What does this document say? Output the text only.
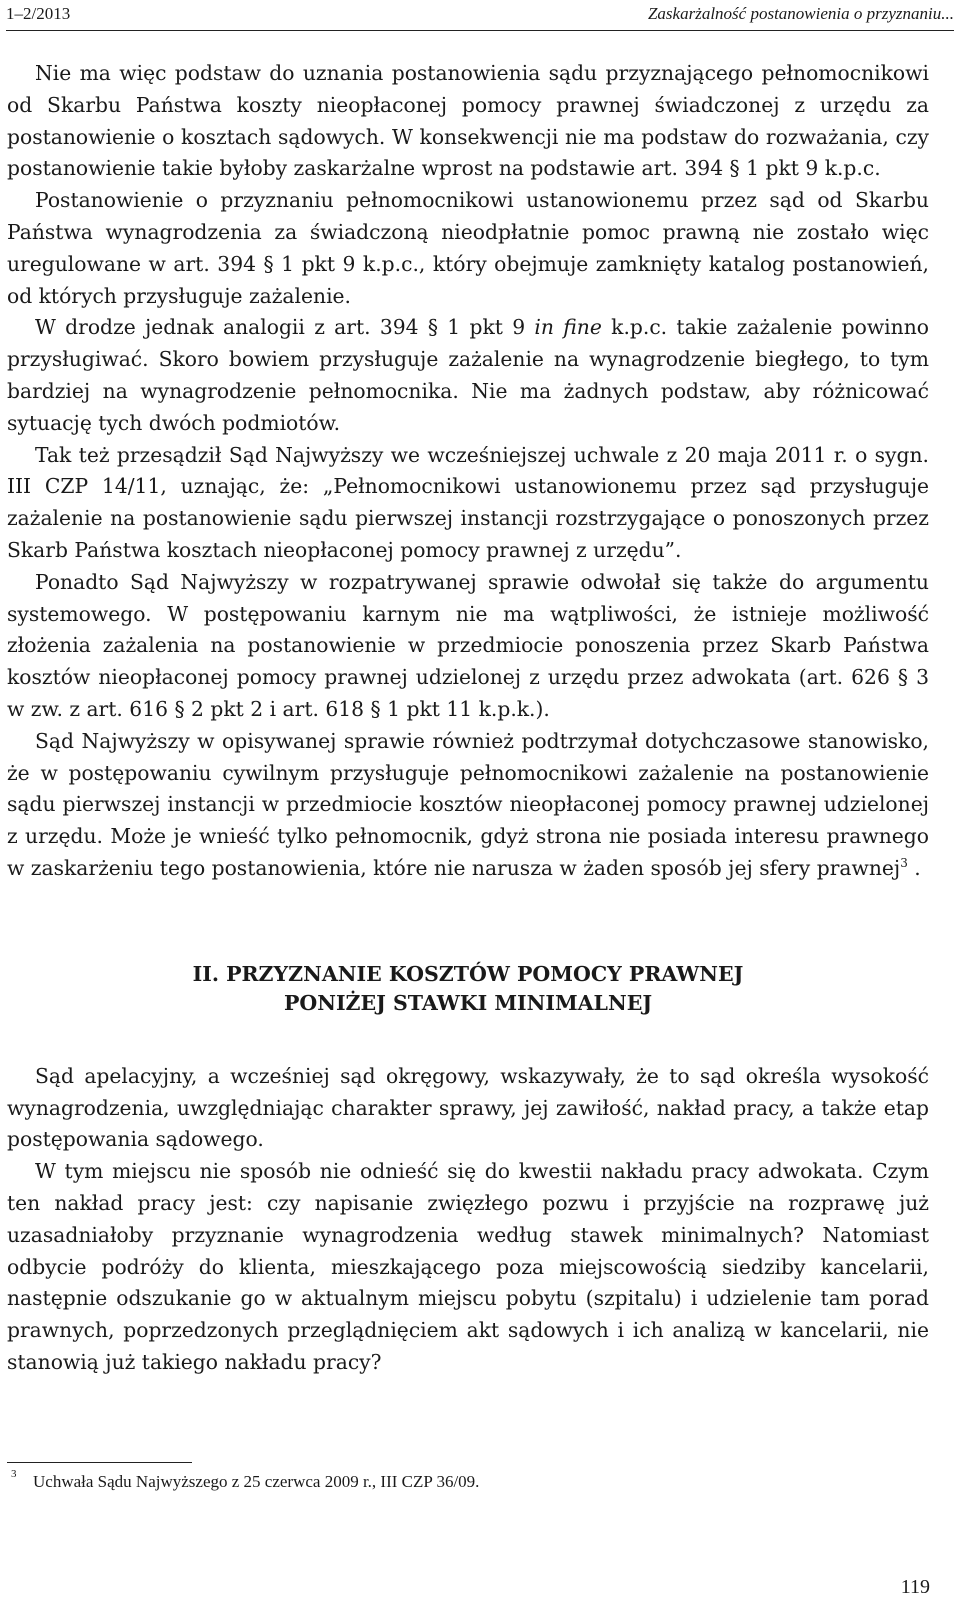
1–2/2013	Zaskarżalność postanowienia o przyznaniu...

Nie ma więc podstaw do uznania postanowienia sądu przyznającego pełnomocnikowi od Skarbu Państwa koszty nieopłaconej pomocy prawnej świadczonej z urzędu za postanowienie o kosztach sądowych. W konsekwencji nie ma podstaw do rozważania, czy postanowienie takie byłoby zaskarżalne wprost na podstawie art. 394 § 1 pkt 9 k.p.c.

Postanowienie o przyznaniu pełnomocnikowi ustanowionemu przez sąd od Skarbu Państwa wynagrodzenia za świadczoną nieodpłatnie pomoc prawną nie zostało więc uregulowane w art. 394 § 1 pkt 9 k.p.c., który obejmuje zamknięty katalog postanowień, od których przysługuje zażalenie.

W drodze jednak analogii z art. 394 § 1 pkt 9 in fine k.p.c. takie zażalenie powinno przysługiwać. Skoro bowiem przysługuje zażalenie na wynagrodzenie biegłego, to tym bardziej na wynagrodzenie pełnomocnika. Nie ma żadnych podstaw, aby różnicować sytuację tych dwóch podmiotów.

Tak też przesądził Sąd Najwyższy we wcześniejszej uchwale z 20 maja 2011 r. o sygn. III CZP 14/11, uznając, że: „Pełnomocnikowi ustanowionemu przez sąd przysługuje zażalenie na postanowienie sądu pierwszej instancji rozstrzygające o ponoszonych przez Skarb Państwa kosztach nieopłaconej pomocy prawnej z urzędu”.

Ponadto Sąd Najwyższy w rozpatrywanej sprawie odwołał się także do argumentu systemowego. W postępowaniu karnym nie ma wątpliwości, że istnieje możliwość złożenia zażalenia na postanowienie w przedmiocie ponoszenia przez Skarb Państwa kosztów nieopłaconej pomocy prawnej udzielonej z urzędu przez adwokata (art. 626 § 3 w zw. z art. 616 § 2 pkt 2 i art. 618 § 1 pkt 11 k.p.k.).

Sąd Najwyższy w opisywanej sprawie również podtrzymał dotychczasowe stanowisko, że w postępowaniu cywilnym przysługuje pełnomocnikowi zażalenie na postanowienie sądu pierwszej instancji w przedmiocie kosztów nieopłaconej pomocy prawnej udzielonej z urzędu. Może je wnieść tylko pełnomocnik, gdyż strona nie posiada interesu prawnego w zaskarżeniu tego postanowienia, które nie narusza w żaden sposób jej sfery prawnej$^3$ .

II. PRZYZNANIE KOSZTÓW POMOCY PRAWNEJ
PONIŻEJ STAWKI MINIMALNEJ

Sąd apelacyjny, a wcześniej sąd okręgowy, wskazywały, że to sąd określa wysokość wynagrodzenia, uwzględniając charakter sprawy, jej zawiłość, nakład pracy, a także etap postępowania sądowego.

W tym miejscu nie sposób nie odnieść się do kwestii nakładu pracy adwokata. Czym ten nakład pracy jest: czy napisanie zwięzłego pozwu i przyjście na rozprawę już uzasadniałoby przyznanie wynagrodzenia według stawek minimalnych? Natomiast odbycie podróży do klienta, mieszkającego poza miejscowością siedziby kancelarii, następnie odszukanie go w aktualnym miejscu pobytu (szpitalu) i udzielenie tam porad prawnych, poprzedzonych przeglądnięciem akt sądowych i ich analizą w kancelarii, nie stanowią już takiego nakładu pracy?

3 Uchwała Sądu Najwyższego z 25 czerwca 2009 r., III CZP 36/09.
119
